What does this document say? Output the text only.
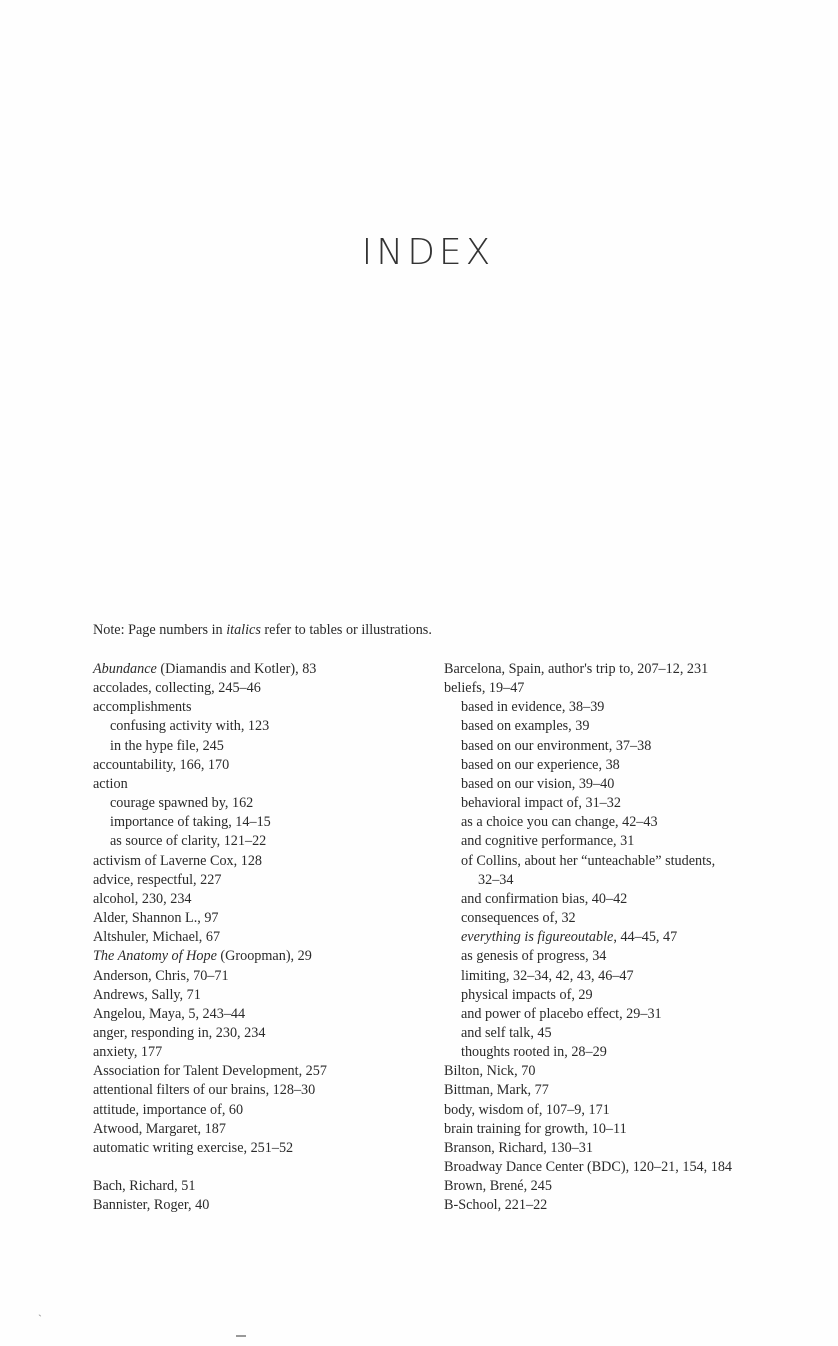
INDEX
Note: Page numbers in italics refer to tables or illustrations.
Abundance (Diamandis and Kotler), 83
accolades, collecting, 245–46
accomplishments
confusing activity with, 123
in the hype file, 245
accountability, 166, 170
action
courage spawned by, 162
importance of taking, 14–15
as source of clarity, 121–22
activism of Laverne Cox, 128
advice, respectful, 227
alcohol, 230, 234
Alder, Shannon L., 97
Altshuler, Michael, 67
The Anatomy of Hope (Groopman), 29
Anderson, Chris, 70–71
Andrews, Sally, 71
Angelou, Maya, 5, 243–44
anger, responding in, 230, 234
anxiety, 177
Association for Talent Development, 257
attentional filters of our brains, 128–30
attitude, importance of, 60
Atwood, Margaret, 187
automatic writing exercise, 251–52
Bach, Richard, 51
Bannister, Roger, 40
Barcelona, Spain, author's trip to, 207–12, 231
beliefs, 19–47
based in evidence, 38–39
based on examples, 39
based on our environment, 37–38
based on our experience, 38
based on our vision, 39–40
behavioral impact of, 31–32
as a choice you can change, 42–43
and cognitive performance, 31
of Collins, about her “unteachable” students,
32–34
and confirmation bias, 40–42
consequences of, 32
everything is figureoutable, 44–45, 47
as genesis of progress, 34
limiting, 32–34, 42, 43, 46–47
physical impacts of, 29
and power of placebo effect, 29–31
and self talk, 45
thoughts rooted in, 28–29
Bilton, Nick, 70
Bittman, Mark, 77
body, wisdom of, 107–9, 171
brain training for growth, 10–11
Branson, Richard, 130–31
Broadway Dance Center (BDC), 120–21, 154, 184
Brown, Brené, 245
B-School, 221–22
ˋ
